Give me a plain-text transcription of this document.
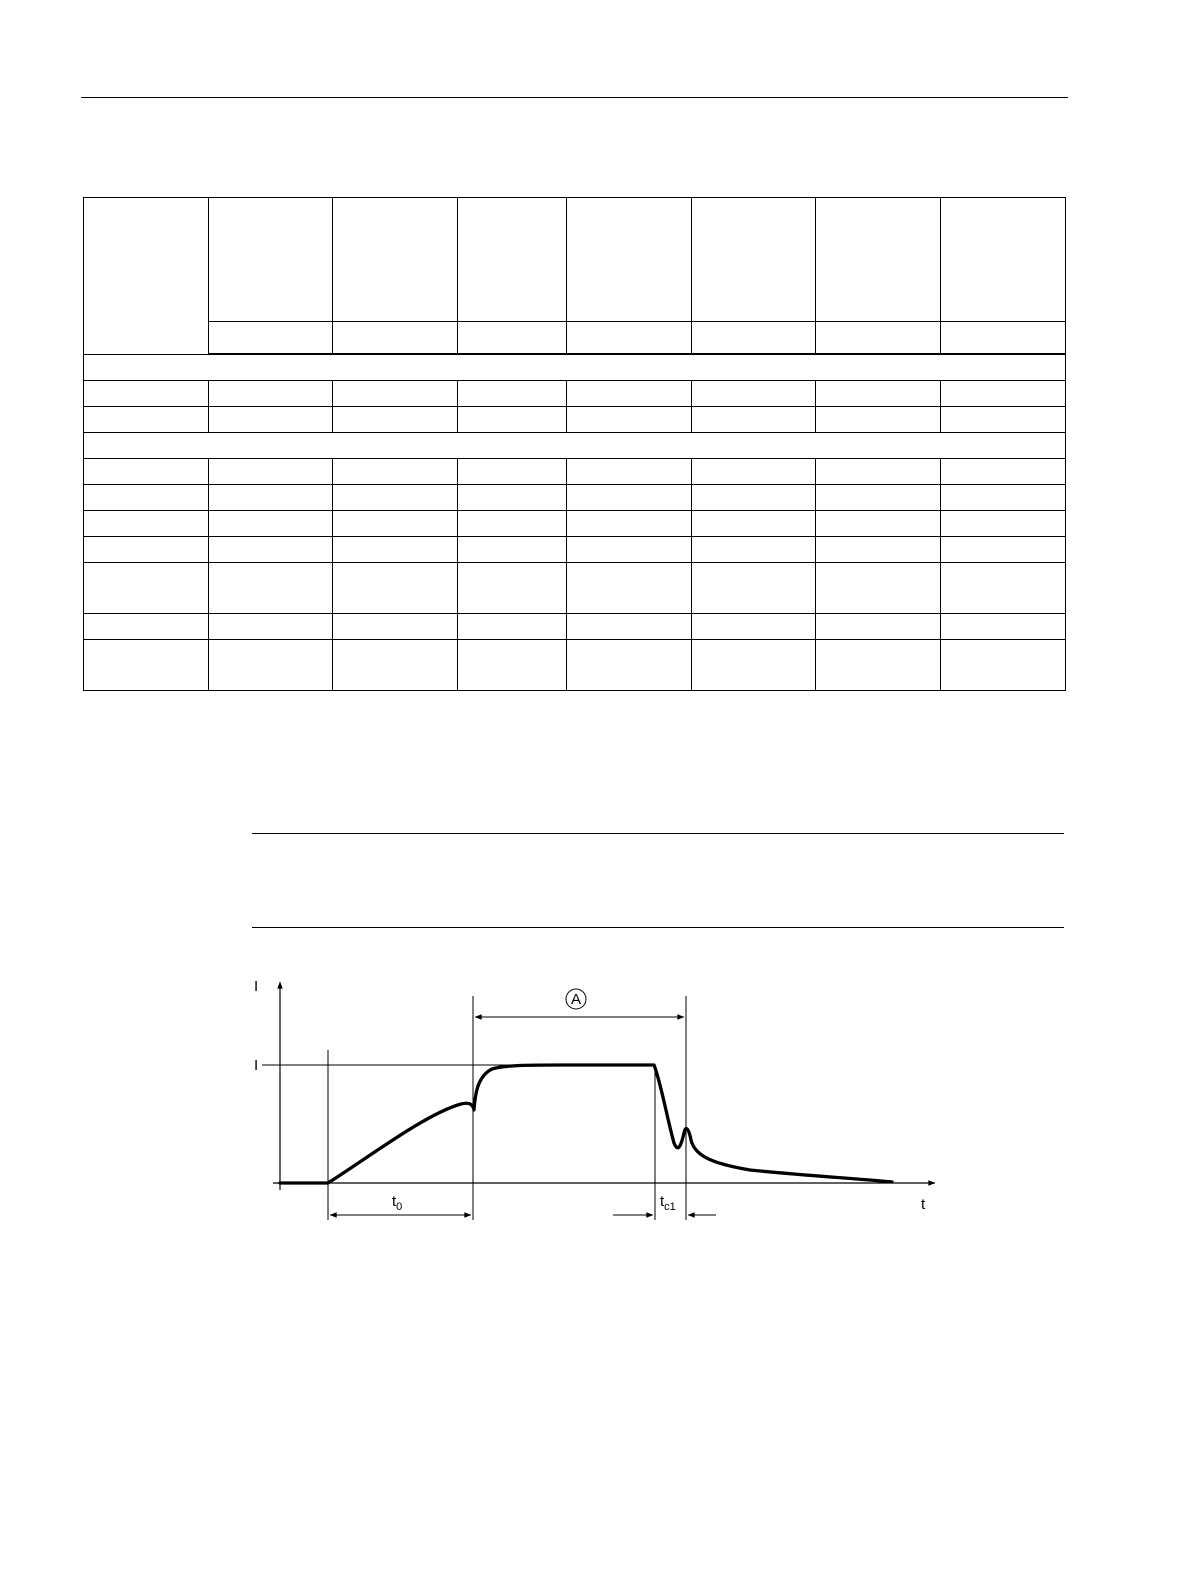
I
I
t
A
$t_0$	$t_{c1}$
